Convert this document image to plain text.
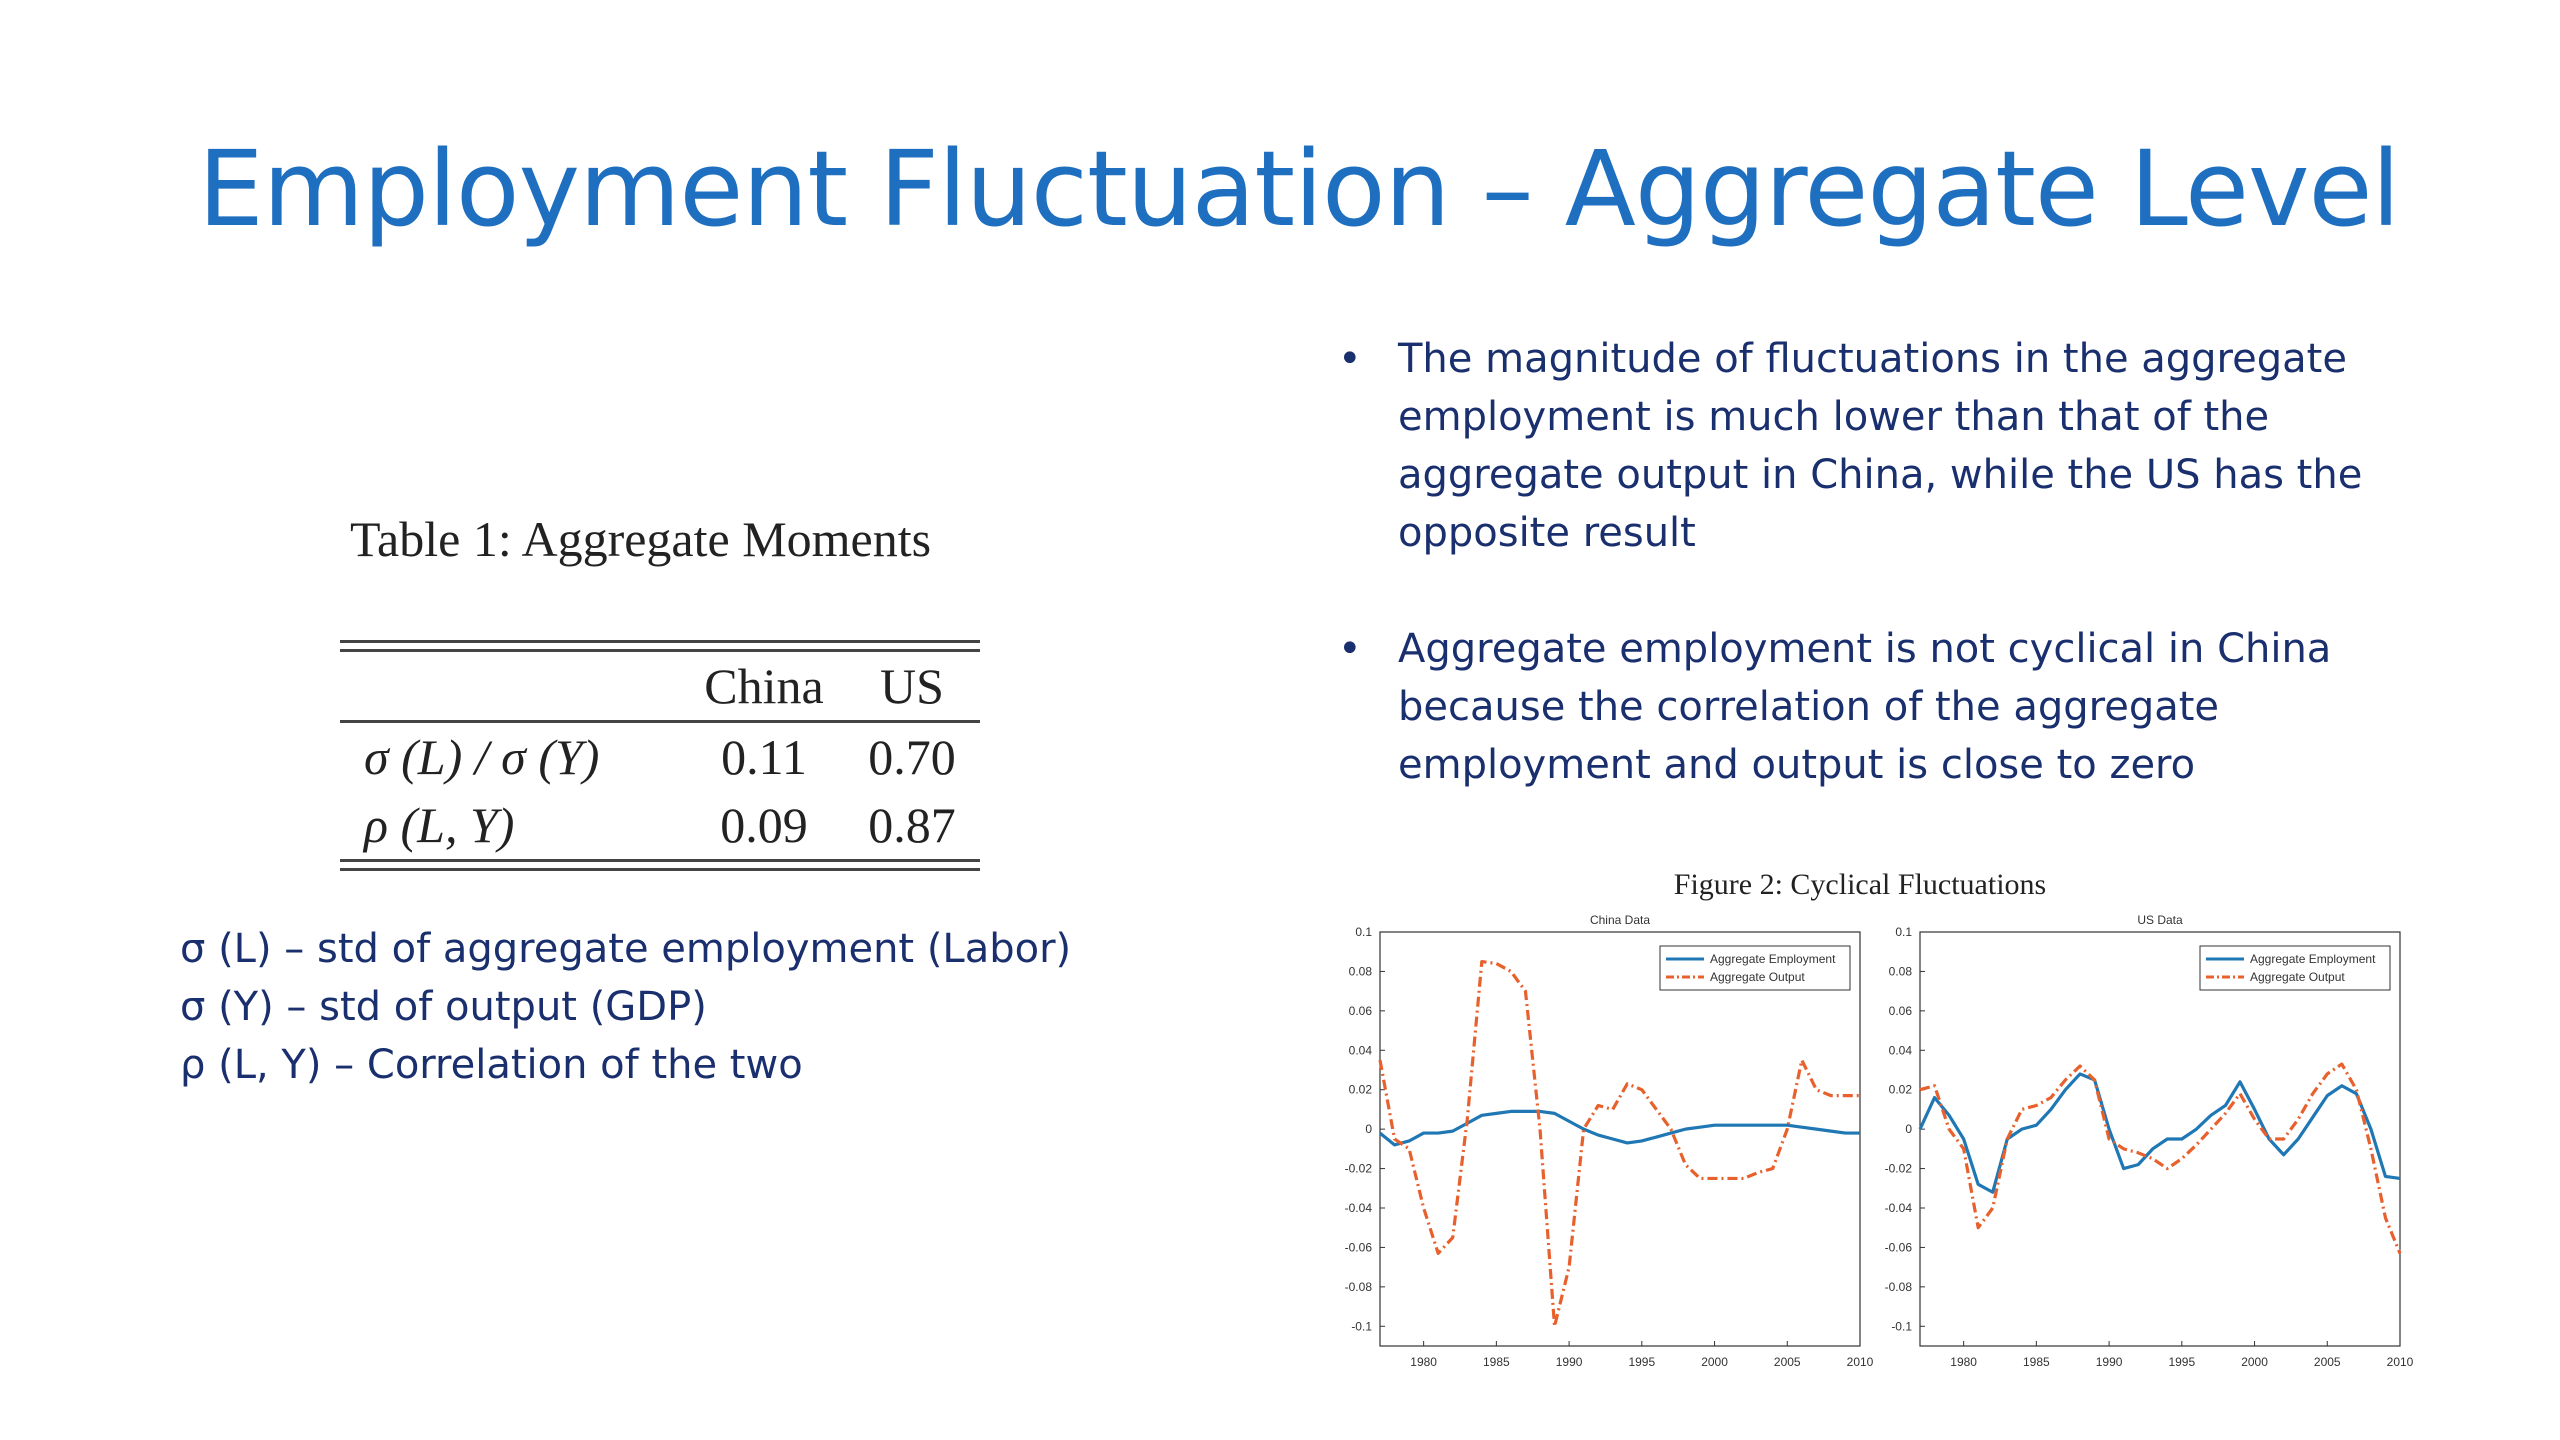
Employment Fluctuation – Aggregate Level
Table 1: Aggregate Moments
	China	US
σ (L) / σ (Y)	0.11	0.70
ρ (L, Y)	0.09	0.87
σ (L) – std of aggregate employment (Labor)
σ (Y) – std of output (GDP)
ρ (L, Y) – Correlation of the two
• The magnitude of fluctuations in the aggregate employment is much lower than that of the aggregate output in China, while the US has the opposite result
• Aggregate employment is not cyclical in China because the correlation of the aggregate employment and output is close to zero
Figure 2: Cyclical Fluctuations
China Data
0.1
0.08
0.06
0.04
0.02
0
-0.02
-0.04
-0.06
-0.08
-0.1
1980	1985	1990	1995	2000	2005	2010
Aggregate Employment
Aggregate Output
US Data
0.1
0.08
0.06
0.04
0.02
0
-0.02
-0.04
-0.06
-0.08
-0.1
1980	1985	1990	1995	2000	2005	2010
Aggregate Employment
Aggregate Output
